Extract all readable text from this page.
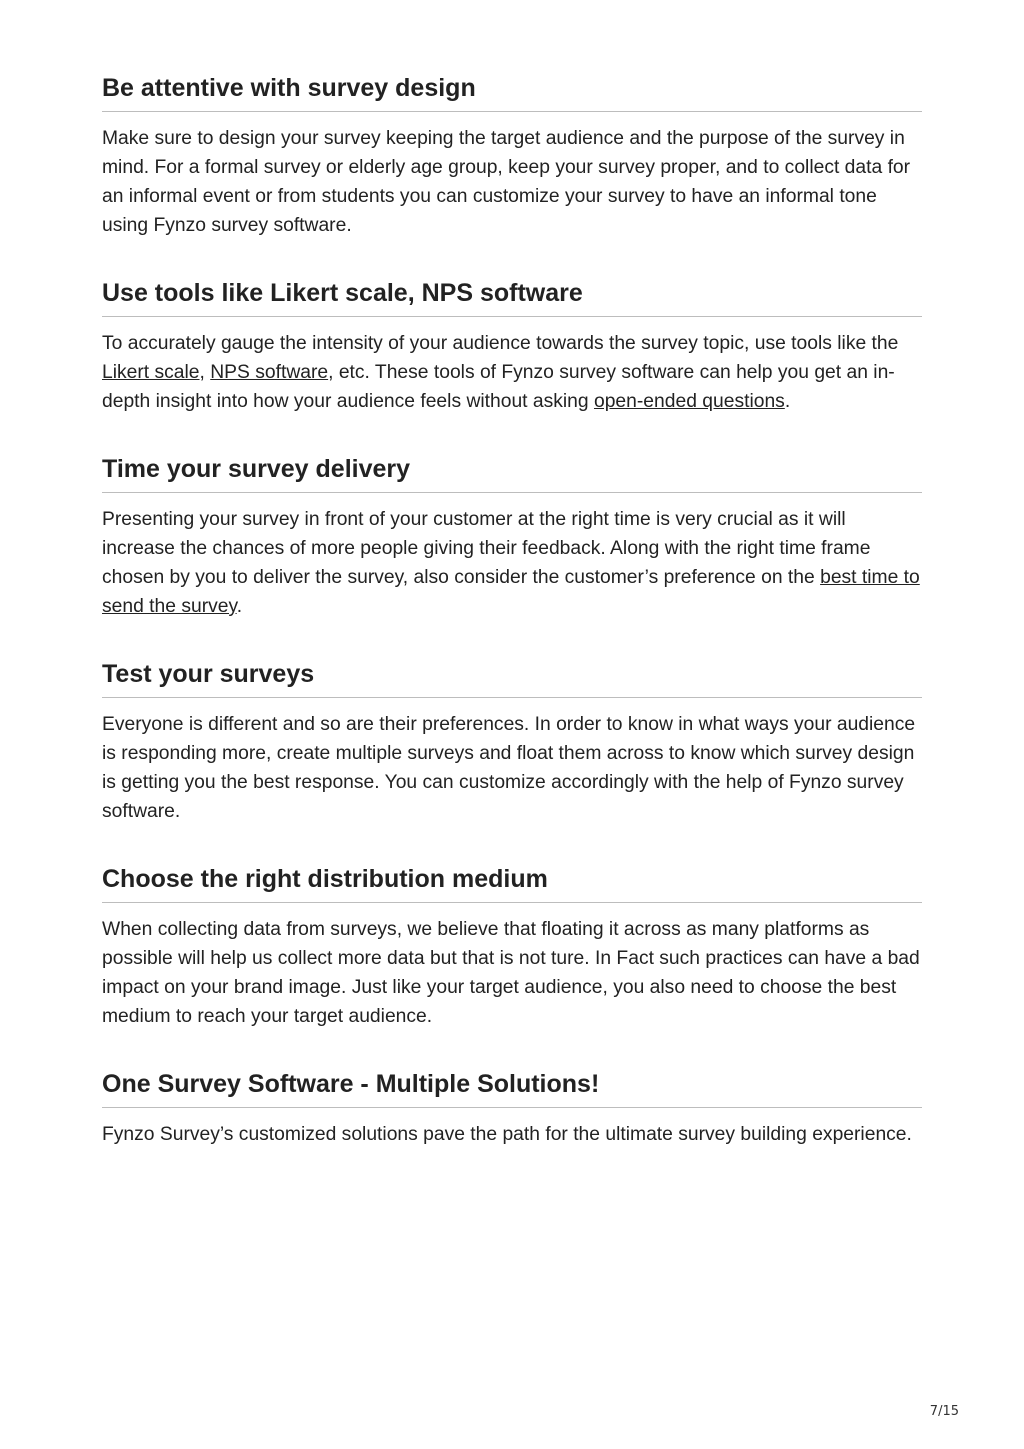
Be attentive with survey design

Make sure to design your survey keeping the target audience and the purpose of the survey in mind. For a formal survey or elderly age group, keep your survey proper, and to collect data for an informal event or from students you can customize your survey to have an informal tone using Fynzo survey software.

Use tools like Likert scale, NPS software

To accurately gauge the intensity of your audience towards the survey topic, use tools like the Likert scale, NPS software, etc. These tools of Fynzo survey software can help you get an in-depth insight into how your audience feels without asking open-ended questions.

Time your survey delivery

Presenting your survey in front of your customer at the right time is very crucial as it will increase the chances of more people giving their feedback. Along with the right time frame chosen by you to deliver the survey, also consider the customer’s preference on the best time to send the survey.

Test your surveys

Everyone is different and so are their preferences. In order to know in what ways your audience is responding more, create multiple surveys and float them across to know which survey design is getting you the best response. You can customize accordingly with the help of Fynzo survey software.

Choose the right distribution medium

When collecting data from surveys, we believe that floating it across as many platforms as possible will help us collect more data but that is not ture. In Fact such practices can have a bad impact on your brand image. Just like your target audience, you also need to choose the best medium to reach your target audience.

One Survey Software - Multiple Solutions!

Fynzo Survey’s customized solutions pave the path for the ultimate survey building experience.

7/15
